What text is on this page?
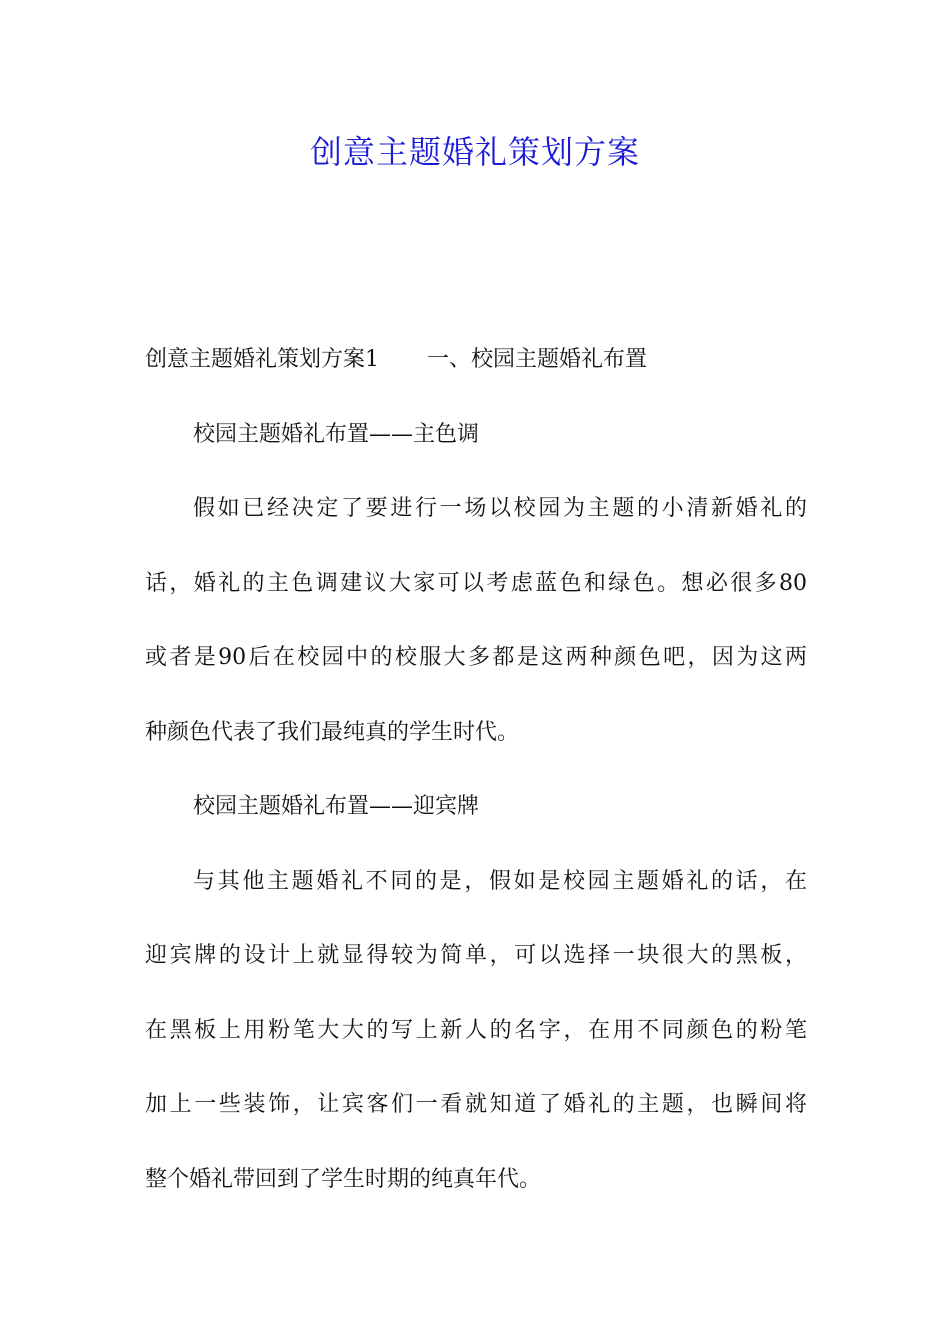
创意主题婚礼策划方案
创意主题婚礼策划方案1 一、校园主题婚礼布置
校园主题婚礼布置——主色调
假如已经决定了要进行一场以校园为主题的小清新婚礼的
话，婚礼的主色调建议大家可以考虑蓝色和绿色。想必很多80
或者是90后在校园中的校服大多都是这两种颜色吧，因为这两
种颜色代表了我们最纯真的学生时代。
校园主题婚礼布置——迎宾牌
与其他主题婚礼不同的是，假如是校园主题婚礼的话，在
迎宾牌的设计上就显得较为简单，可以选择一块很大的黑板，
在黑板上用粉笔大大的写上新人的名字，在用不同颜色的粉笔
加上一些装饰，让宾客们一看就知道了婚礼的主题，也瞬间将
整个婚礼带回到了学生时期的纯真年代。
